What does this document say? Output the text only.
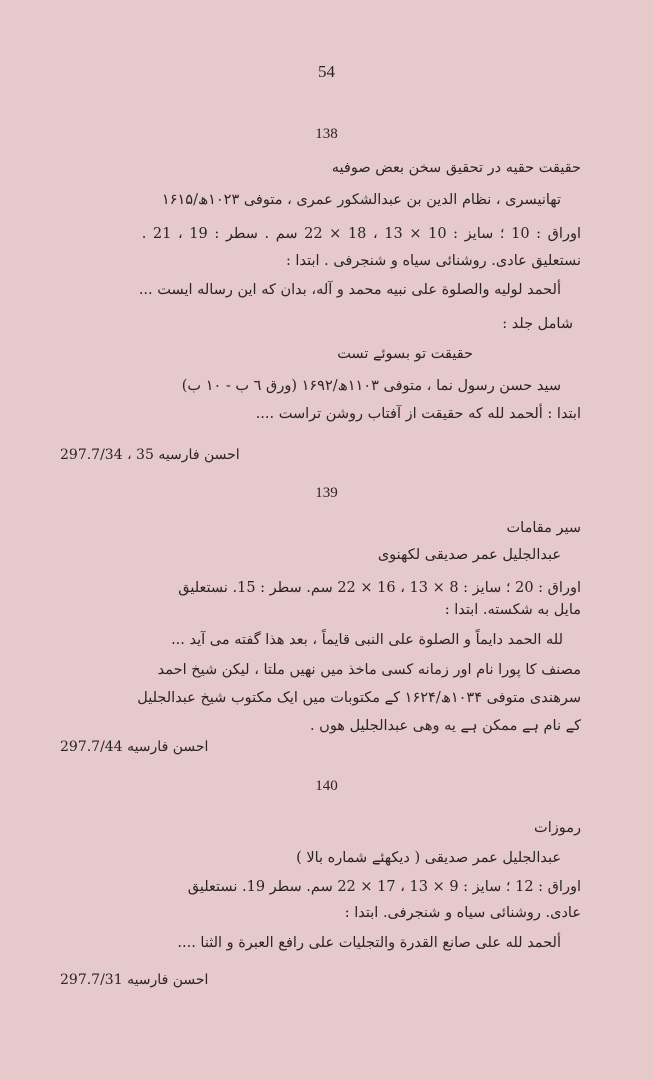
54
138
حقیقت حقیه در تحقیق سخن بعض صوفیه
تهانیسری ، نظام الدین بن عبدالشکور عمری ، متوفی ۱۰۲۳ھ/۱۶۱۵
اوراق : 10 ؛ سایز : 10 × 13 ، 18 × 22 سم . سطر : 19 ، 21 .
نستعلیق عادی. روشنائی سیاه و شنجرفی . ابتدا :
ألحمد لولیه والصلوة علی نبیه محمد و آله، بدان که این رساله ایست ...
شامل جلد :
حقیقت تو بسوئے تست
سید حسن رسول نما ، متوفی ۱۱۰۳ھ/۱۶۹۲ (ورق ٦ ب - ١٠ ب)
ابتدا : ألحمد لله که حقیقت از آفتاب روشن تراست ....
احسن فارسیه 35 ، 297.7/34
139
سیر مقامات
عبدالجلیل عمر صدیقی لکهنوی
اوراق : 20 ؛ سایز : 8 × 13 ، 16 × 22 سم. سطر : 15. نستعلیق
مایل به شکسته. ابتدا :
لله الحمد دایماً و الصلوة علی النبی قایماً ، بعد هذا گفته می آید ...
مصنف کا پورا نام اور زمانه کسی ماخذ میں نهیں ملتا ، لیکن شیخ احمد
سرهندی متوفی ۱۰۳۴ھ/۱۶۲۴ کے مکتوبات میں ایک مکتوب شیخ عبدالجلیل
کے نام ہے ممکن ہے یه وهی عبدالجلیل هوں .
احسن فارسیه 297.7/44
140
رموزات
عبدالجلیل عمر صدیقی ( دیکھئے شماره بالا )
اوراق : 12 ؛ سایز : 9 × 13 ، 17 × 22 سم. سطر 19. نستعلیق
عادی. روشنائی سیاه و شنجرفی. ابتدا :
ألحمد لله علی صانع القدرة والتجلیات علی رافع العبرة و الثنا ....
احسن فارسیه 297.7/31
